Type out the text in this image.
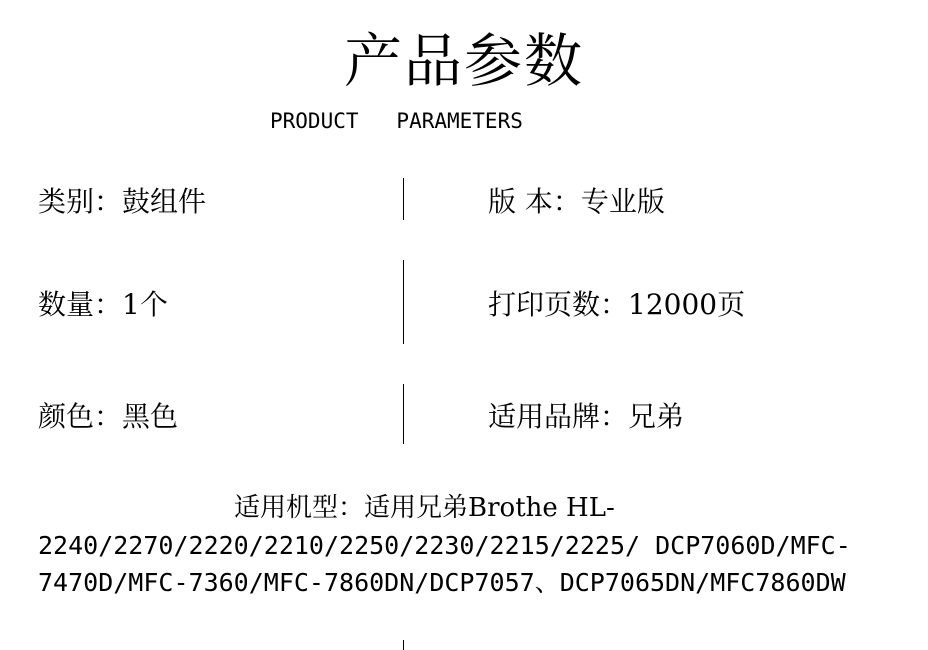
产品参数
PRODUCT   PARAMETERS
类别：鼓组件	版 本：专业版
数量：1个	打印页数：12000页
颜色：黑色	适用品牌：兄弟
适用机型：适用兄弟Brothe HL-
2240/2270/2220/2210/2250/2230/2215/2225/ DCP7060D/MFC-
7470D/MFC-7360/MFC-7860DN/DCP7057、DCP7065DN/MFC7860DW
